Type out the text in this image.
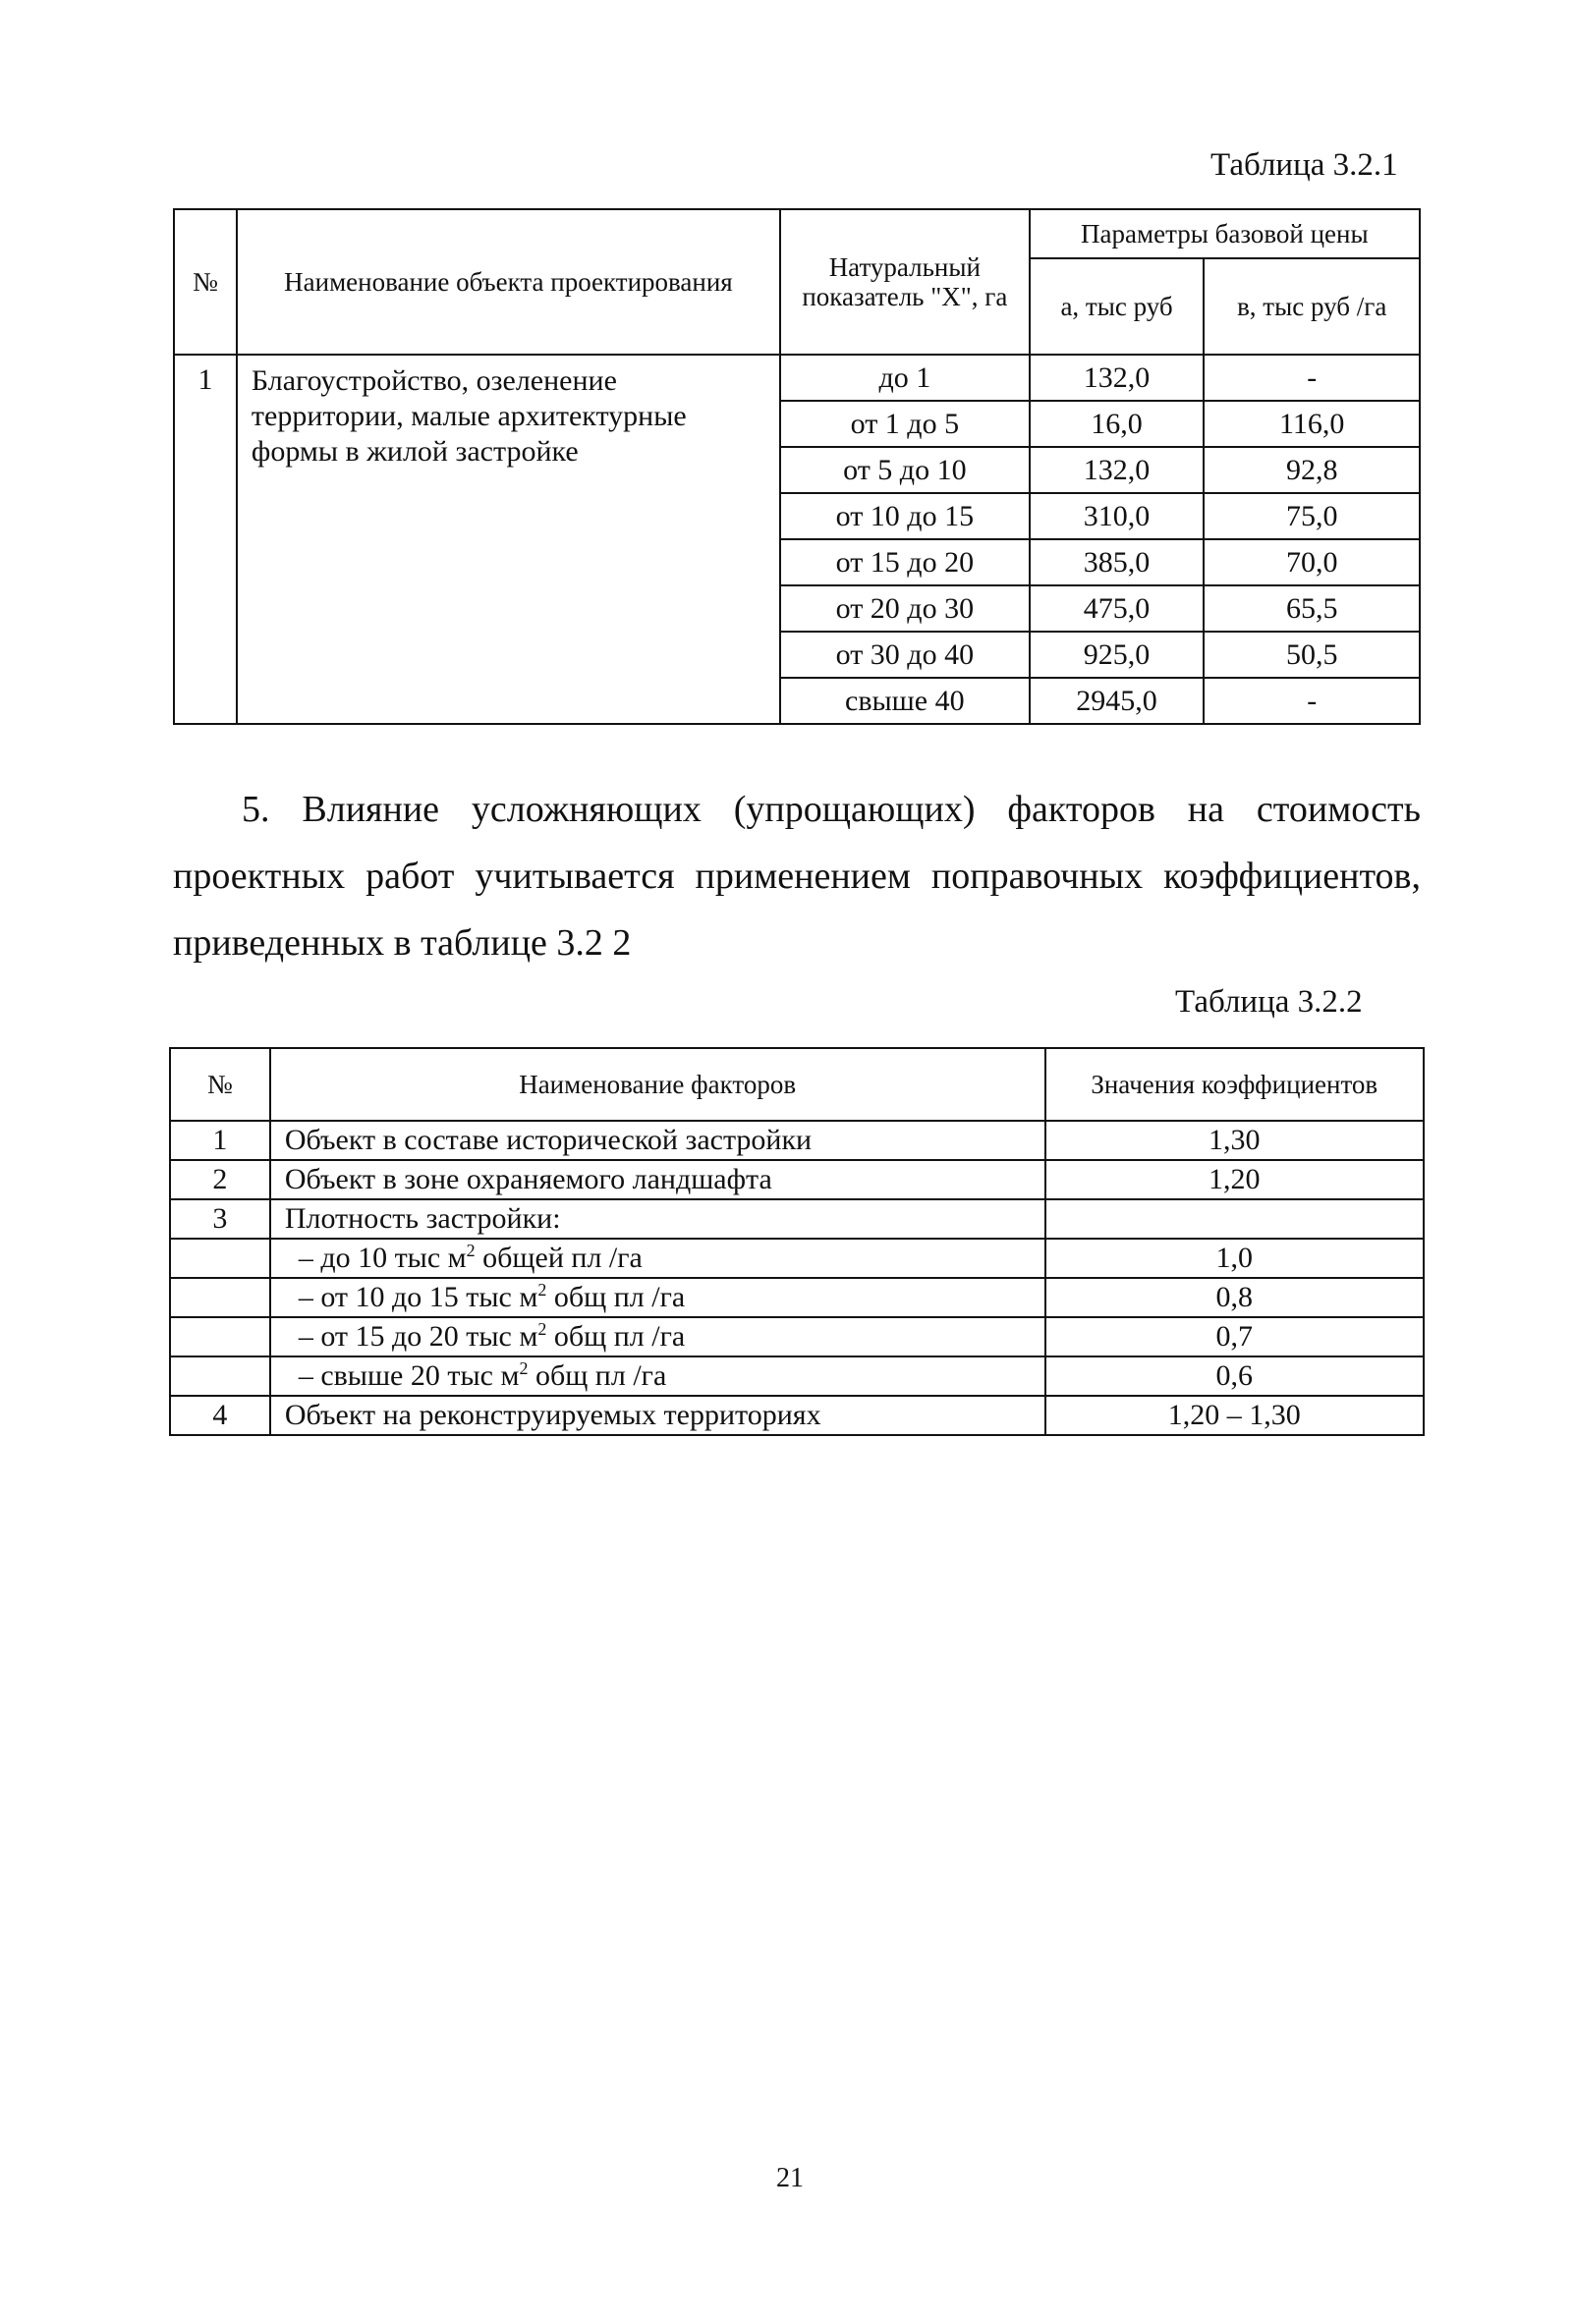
Таблица 3.2.1
№	Наименование объекта проектирования	Натуральный показатель "X", га	Параметры базовой цены	
			а, тыс руб	в, тыс руб /га
1	Благоустройство, озеленение территории, малые архитектурные формы в жилой застройке	до 1	132,0	-
		от 1 до 5	16,0	116,0
		от 5 до 10	132,0	92,8
		от 10 до 15	310,0	75,0
		от 15 до 20	385,0	70,0
		от 20 до 30	475,0	65,5
		от 30 до 40	925,0	50,5
		свыше 40	2945,0	-
5. Влияние усложняющих (упрощающих) факторов на стоимость проектных работ учитывается применением поправочных коэффициентов, приведенных в таблице 3.2 2
Таблица 3.2.2
№	Наименование факторов	Значения коэффициентов
1	Объект в составе исторической застройки	1,30
2	Объект в зоне охраняемого ландшафта	1,20
3	Плотность застройки:	
	– до 10 тыс $м^2$ общей пл /га	1,0
	– от 10 до 15 тыс $м^2$ общ пл /га	0,8
	– от 15 до 20 тыс $м^2$ общ пл /га	0,7
	– свыше 20 тыс $м^2$ общ пл /га	0,6
4	Объект на реконструируемых территориях	1,20 – 1,30
21
